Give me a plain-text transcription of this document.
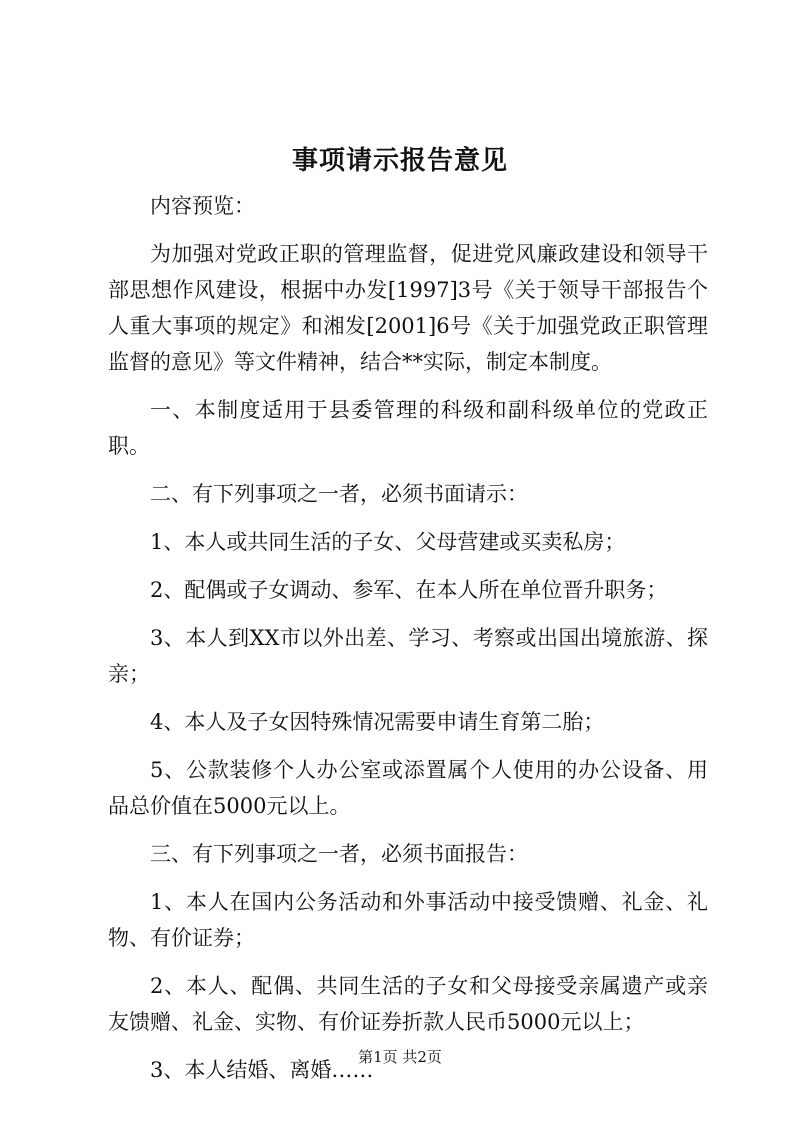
事项请示报告意见

内容预览：

为加强对党政正职的管理监督，促进党风廉政建设和领导干部思想作风建设，根据中办发[1997]3号《关于领导干部报告个人重大事项的规定》和湘发[2001]6号《关于加强党政正职管理监督的意见》等文件精神，结合**实际，制定本制度。

一、本制度适用于县委管理的科级和副科级单位的党政正职。

二、有下列事项之一者，必须书面请示：

1、本人或共同生活的子女、父母营建或买卖私房；

2、配偶或子女调动、参军、在本人所在单位晋升职务；

3、本人到XX市以外出差、学习、考察或出国出境旅游、探亲；

4、本人及子女因特殊情况需要申请生育第二胎；

5、公款装修个人办公室或添置属个人使用的办公设备、用品总价值在5000元以上。

三、有下列事项之一者，必须书面报告：

1、本人在国内公务活动和外事活动中接受馈赠、礼金、礼物、有价证券；

2、本人、配偶、共同生活的子女和父母接受亲属遗产或亲友馈赠、礼金、实物、有价证券折款人民币5000元以上；

3、本人结婚、离婚……

第1页 共2页
